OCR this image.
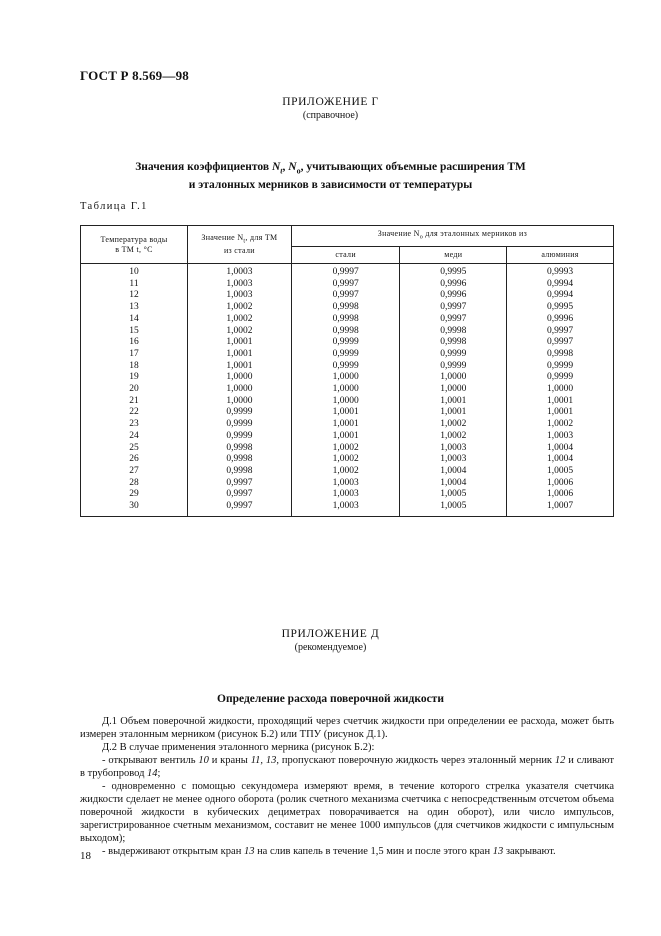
ГОСТ Р 8.569—98
ПРИЛОЖЕНИЕ Г
(справочное)
Значения коэффициентов $N_t$, $N_o$, учитывающих объемные расширения ТМ
и эталонных мерников в зависимости от температуры
Таблица Г.1
Температура воды
в ТМ t, °С	Значение $N_t$, для ТМ
из стали	Значение $N_o$ для эталонных мерников из		
		стали	меди	алюминия
10	1,0003	0,9997	0,9995	0,9993
11	1,0003	0,9997	0,9996	0,9994
12	1,0003	0,9997	0,9996	0,9994
13	1,0002	0,9998	0,9997	0,9995
14	1,0002	0,9998	0,9997	0,9996
15	1,0002	0,9998	0,9998	0,9997
16	1,0001	0,9999	0,9998	0,9997
17	1,0001	0,9999	0,9999	0,9998
18	1,0001	0,9999	0,9999	0,9999
19	1,0000	1,0000	1,0000	0,9999
20	1,0000	1,0000	1,0000	1,0000
21	1,0000	1,0000	1,0001	1,0001
22	0,9999	1,0001	1,0001	1,0001
23	0,9999	1,0001	1,0002	1,0002
24	0,9999	1,0001	1,0002	1,0003
25	0,9998	1,0002	1,0003	1,0004
26	0,9998	1,0002	1,0003	1,0004
27	0,9998	1,0002	1,0004	1,0005
28	0,9997	1,0003	1,0004	1,0006
29	0,9997	1,0003	1,0005	1,0006
30	0,9997	1,0003	1,0005	1,0007
ПРИЛОЖЕНИЕ Д
(рекомендуемое)
Определение расхода поверочной жидкости

Д.1 Объем поверочной жидкости, проходящий через счетчик жидкости при определении ее расхода, может быть измерен эталонным мерником (рисунок Б.2) или ТПУ (рисунок Д.1).

Д.2 В случае применения эталонного мерника (рисунок Б.2):

- открывают вентиль 10 и краны 11, 13, пропускают поверочную жидкость через эталонный мерник 12 и сливают в трубопровод 14;

- одновременно с помощью секундомера измеряют время, в течение которого стрелка указателя счетчика жидкости сделает не менее одного оборота (ролик счетного механизма счетчика с непосредственным отсчетом объема поверочной жидкости в кубических дециметрах поворачивается на один оборот), или число импульсов, зарегистрированное счетным механизмом, составит не менее 1000 импульсов (для счетчиков жидкости с импульсным выходом);

- выдерживают открытым кран 13 на слив капель в течение 1,5 мин и после этого кран 13 закрывают.

18
